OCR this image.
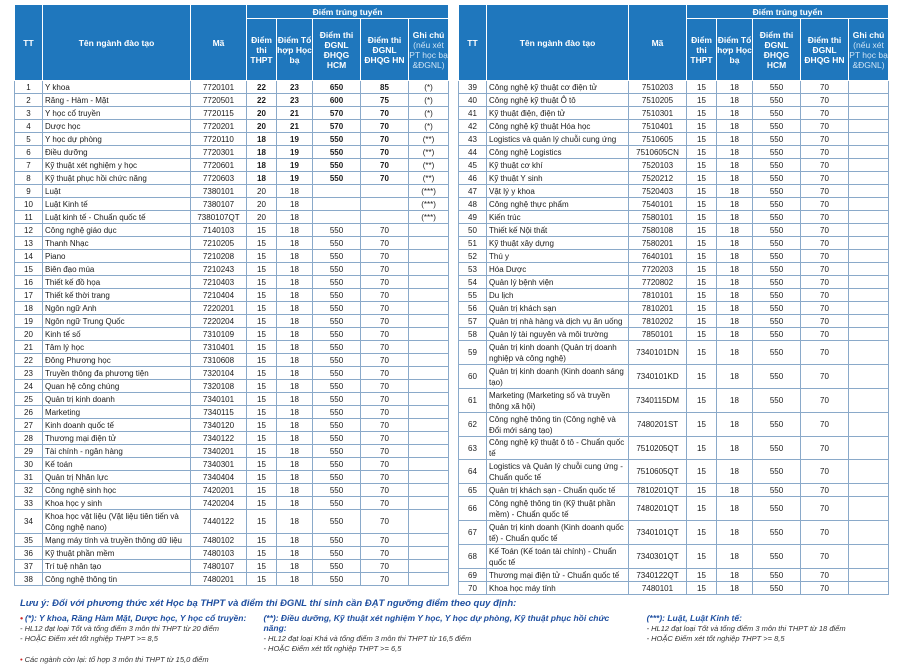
TT	Tên ngành đào tạo	Mã	Điểm trúng tuyển				
			Điểm thi THPT	Điểm Tổ hợp Học bạ	Điểm thi ĐGNL ĐHQG HCM	Điểm thi ĐGNL ĐHQG HN	Ghi chú
(nếu xét PT học bạ &ĐGNL)

1	Y khoa	7720101	22	23	650	85	(*)
2	Răng - Hàm - Mặt	7720501	22	23	600	75	(*)
3	Y học cổ truyền	7720115	20	21	570	70	(*)
4	Dược học	7720201	20	21	570	70	(*)
5	Y học dự phòng	7720110	18	19	550	70	(**)
6	Điều dưỡng	7720301	18	19	550	70	(**)
7	Kỹ thuật xét nghiệm y học	7720601	18	19	550	70	(**)
8	Kỹ thuật phục hồi chức năng	7720603	18	19	550	70	(**)
9	Luật	7380101	20	18			(***)
10	Luật Kinh tế	7380107	20	18			(***)
11	Luật kinh tế - Chuẩn quốc tế	7380107QT	20	18			(***)
12	Công nghệ giáo dục	7140103	15	18	550	70	
13	Thanh Nhạc	7210205	15	18	550	70	
14	Piano	7210208	15	18	550	70	
15	Biên đạo múa	7210243	15	18	550	70	
16	Thiết kế đồ họa	7210403	15	18	550	70	
17	Thiết kế thời trang	7210404	15	18	550	70	
18	Ngôn ngữ Anh	7220201	15	18	550	70	
19	Ngôn ngữ Trung Quốc	7220204	15	18	550	70	
20	Kinh tế số	7310109	15	18	550	70	
21	Tâm lý học	7310401	15	18	550	70	
22	Đông Phương học	7310608	15	18	550	70	
23	Truyền thông đa phương tiện	7320104	15	18	550	70	
24	Quan hệ công chúng	7320108	15	18	550	70	
25	Quản trị kinh doanh	7340101	15	18	550	70	
26	Marketing	7340115	15	18	550	70	
27	Kinh doanh quốc tế	7340120	15	18	550	70	
28	Thương mại điện tử	7340122	15	18	550	70	
29	Tài chính - ngân hàng	7340201	15	18	550	70	
30	Kế toán	7340301	15	18	550	70	
31	Quản trị Nhân lực	7340404	15	18	550	70	
32	Công nghệ sinh học	7420201	15	18	550	70	
33	Khoa học y sinh	7420204	15	18	550	70	
34	Khoa học vật liệu (Vật liệu tiên tiến và Công nghệ nano)	7440122	15	18	550	70	
35	Mạng máy tính và truyền thông dữ liệu	7480102	15	18	550	70	
36	Kỹ thuật phần mềm	7480103	15	18	550	70	
37	Trí tuệ nhân tạo	7480107	15	18	550	70	
38	Công nghệ thông tin	7480201	15	18	550	70	
TT	Tên ngành đào tạo	Mã	Điểm trúng tuyển				
			Điểm thi THPT	Điểm Tổ hợp Học bạ	Điểm thi ĐGNL ĐHQG HCM	Điểm thi ĐGNL ĐHQG HN	Ghi chú
(nếu xét PT học bạ &ĐGNL)

39	Công nghệ kỹ thuật cơ điện tử	7510203	15	18	550	70	
40	Công nghệ kỹ thuật Ô tô	7510205	15	18	550	70	
41	Kỹ thuật điện, điện tử	7510301	15	18	550	70	
42	Công nghệ kỹ thuật Hóa học	7510401	15	18	550	70	
43	Logistics và quản lý chuỗi cung ứng	7510605	15	18	550	70	
44	Công nghệ Logistics	7510605CN	15	18	550	70	
45	Kỹ thuật cơ khí	7520103	15	18	550	70	
46	Kỹ thuật Y sinh	7520212	15	18	550	70	
47	Vật lý y khoa	7520403	15	18	550	70	
48	Công nghệ thực phẩm	7540101	15	18	550	70	
49	Kiến trúc	7580101	15	18	550	70	
50	Thiết kế Nội thất	7580108	15	18	550	70	
51	Kỹ thuật xây dựng	7580201	15	18	550	70	
52	Thú y	7640101	15	18	550	70	
53	Hóa Dược	7720203	15	18	550	70	
54	Quản lý bệnh viện	7720802	15	18	550	70	
55	Du lịch	7810101	15	18	550	70	
56	Quản trị khách sạn	7810201	15	18	550	70	
57	Quản trị nhà hàng và dịch vụ ăn uống	7810202	15	18	550	70	
58	Quản lý tài nguyên và môi trường	7850101	15	18	550	70	
59	Quản trị kinh doanh (Quản trị doanh nghiệp và công nghệ)	7340101DN	15	18	550	70	
60	Quản trị kinh doanh (Kinh doanh sáng tạo)	7340101KD	15	18	550	70	
61	Marketing (Marketing số và truyền thông xã hội)	7340115DM	15	18	550	70	
62	Công nghệ thông tin (Công nghệ và Đổi mới sáng tạo)	7480201ST	15	18	550	70	
63	Công nghệ kỹ thuật ô tô - Chuẩn quốc tế	7510205QT	15	18	550	70	
64	Logistics và Quản lý chuỗi cung ứng - Chuẩn quốc tế	7510605QT	15	18	550	70	
65	Quản trị khách sạn - Chuẩn quốc tế	7810201QT	15	18	550	70	
66	Công nghệ thông tin (Kỹ thuật phần mềm) - Chuẩn quốc tế	7480201QT	15	18	550	70	
67	Quản trị kinh doanh (Kinh doanh quốc tế) - Chuẩn quốc tế	7340101QT	15	18	550	70	
68	Kế Toán (Kế toán tài chính) - Chuẩn quốc tế	7340301QT	15	18	550	70	
69	Thương mại điện tử - Chuẩn quốc tế	7340122QT	15	18	550	70	
70	Khoa học máy tính	7480101	15	18	550	70	
Lưu ý: Đối với phương thức xét Học bạ THPT và điểm thi ĐGNL thí sinh cần ĐẠT ngưỡng điểm theo quy định:
• (*): Y khoa, Răng Hàm Mặt, Dược học, Y học cổ truyền:
- HL12 đạt loại Tốt và tổng điểm 3 môn thi THPT từ 20 điểm
- HOẶC Điểm xét tốt nghiệp THPT >= 8,5
(**): Điều dưỡng, Kỹ thuật xét nghiệm Y học, Y học dự phòng, Kỹ thuật phục hồi chức năng:
- HL12 đạt loại Khá và tổng điểm 3 môn thi THPT từ 16,5 điểm
- HOẶC Điểm xét tốt nghiệp THPT >= 6,5
(***): Luật, Luật Kinh tế:
- HL12 đạt loại Tốt và tổng điểm 3 môn thi THPT từ 18 điểm
- HOẶC Điểm xét tốt nghiệp THPT >= 8,5
• Các ngành còn lại: tổ hợp 3 môn thi THPT từ 15,0 điểm
